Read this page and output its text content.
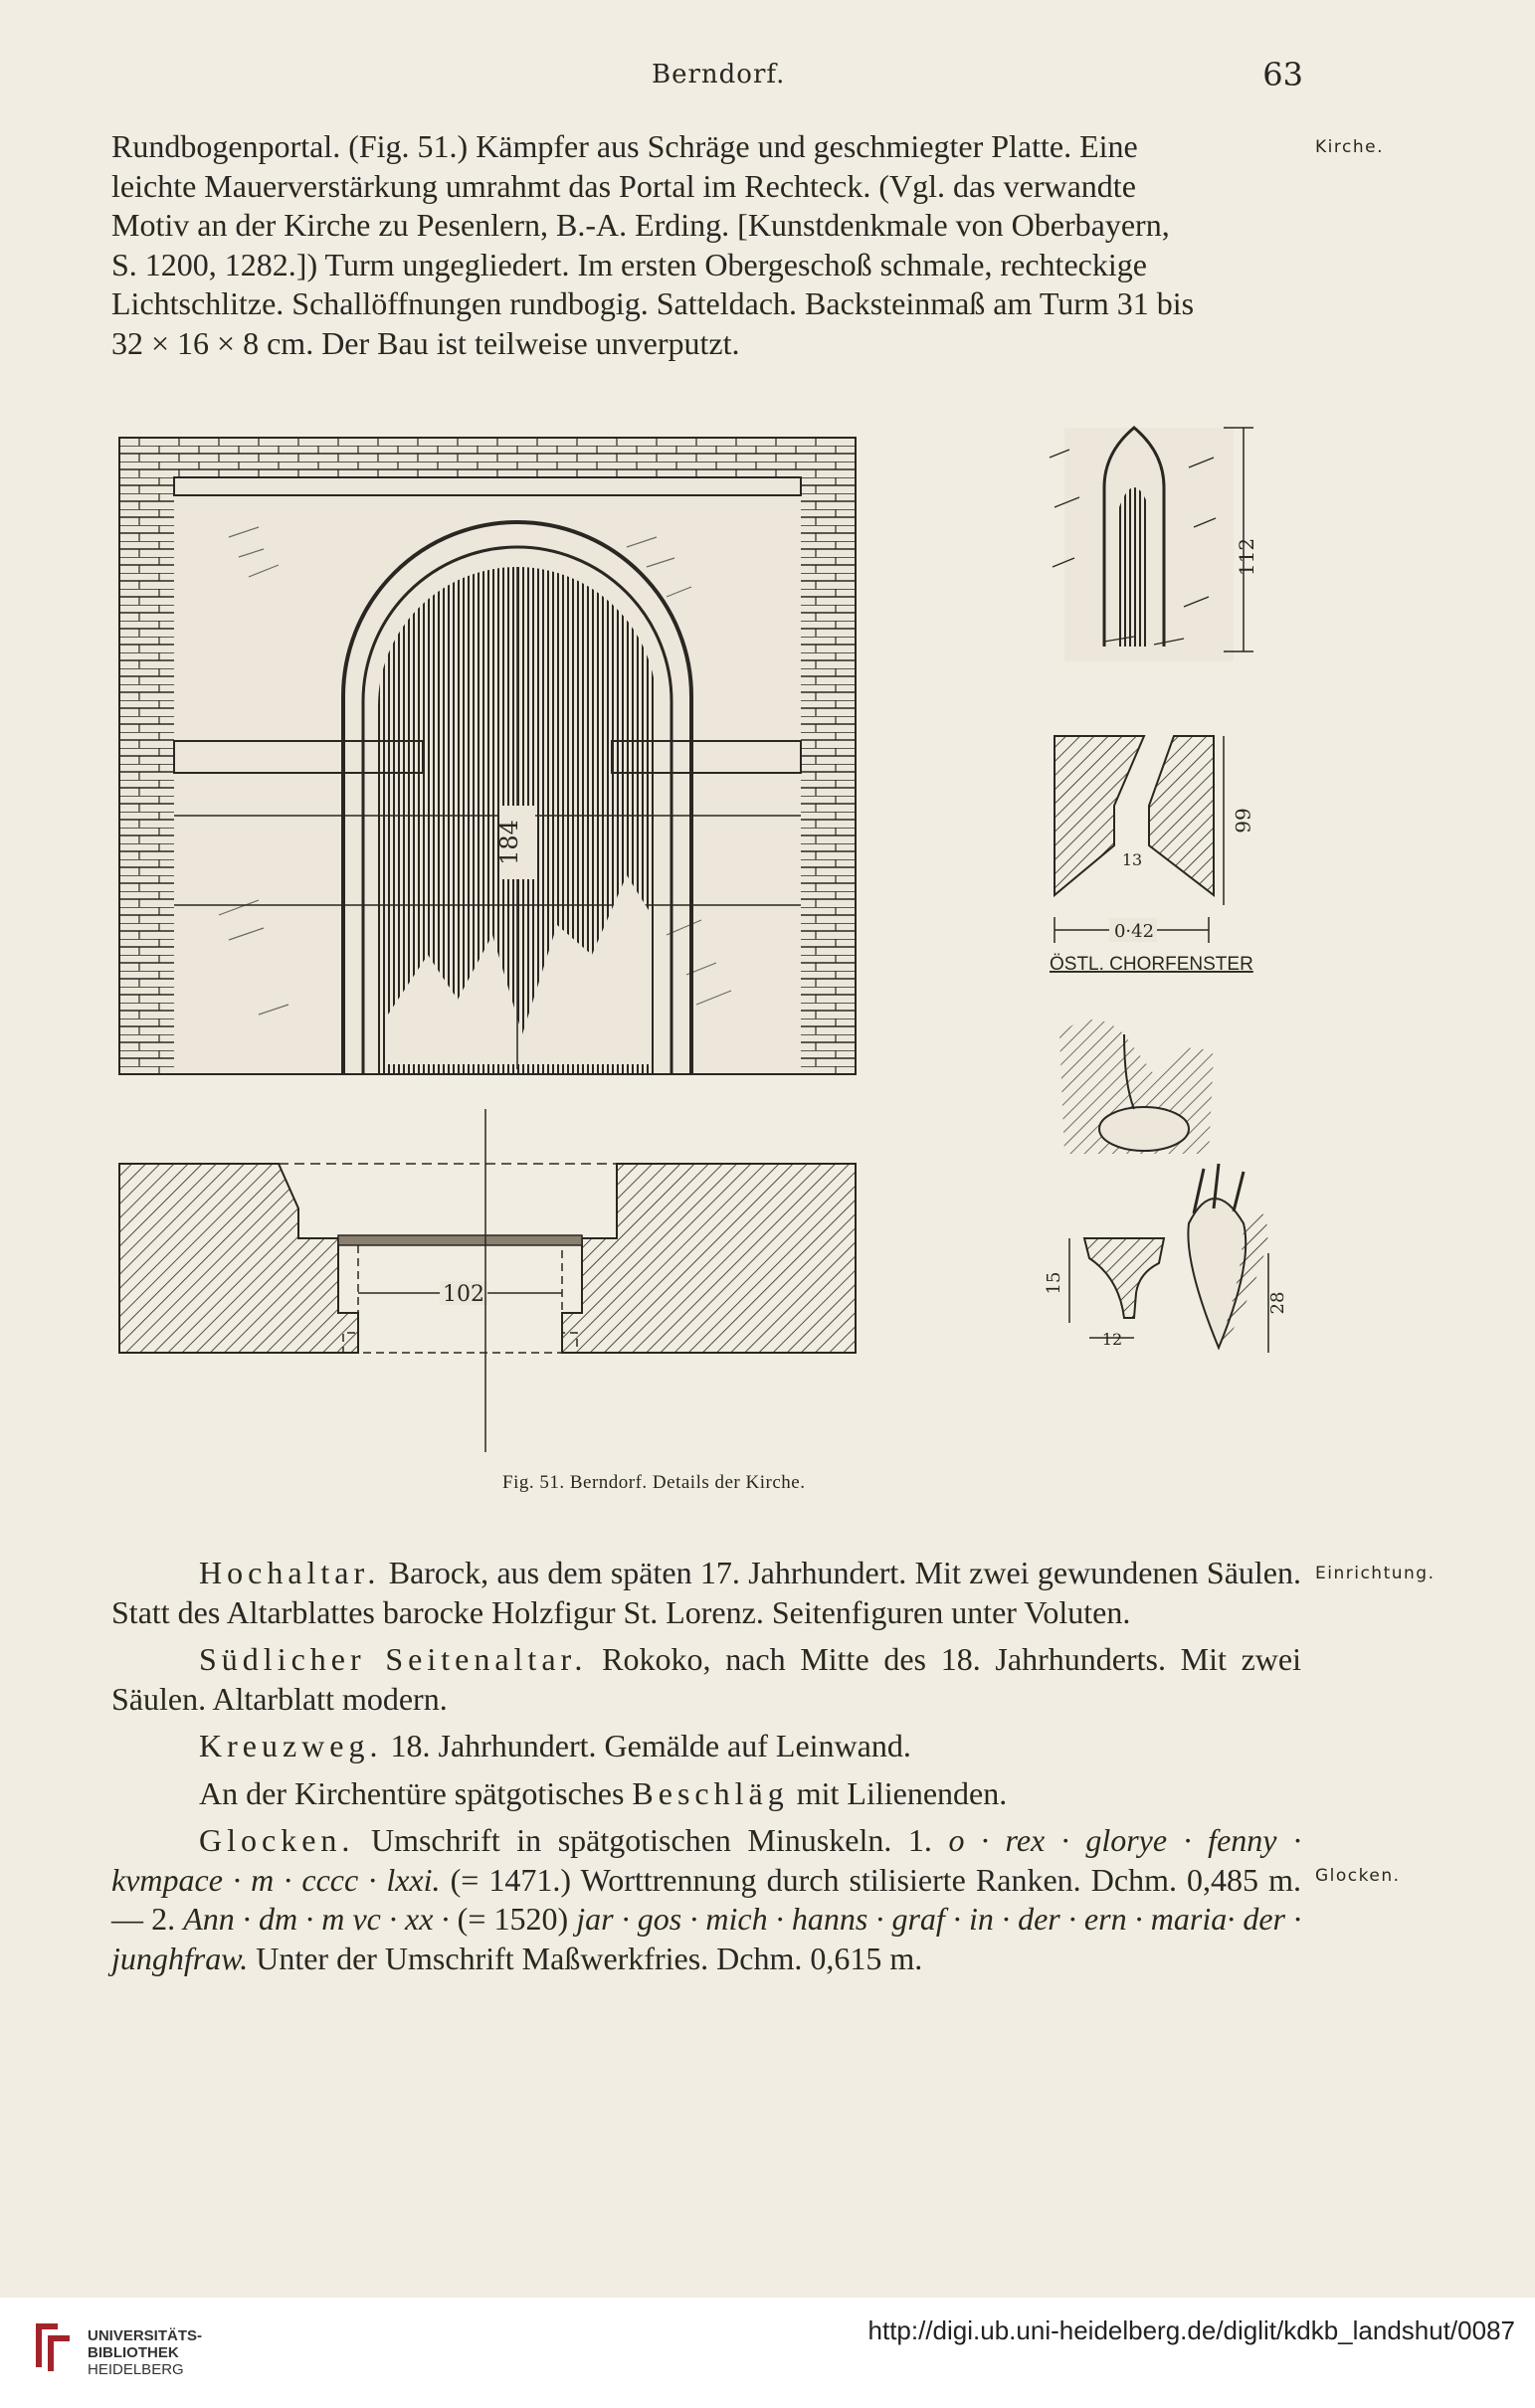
Berndorf.	63

Rundbogenportal. (Fig. 51.) Kämpfer aus Schräge und geschmiegter Platte. Eine

leichte Mauerverstärkung umrahmt das Portal im Rechteck. (Vgl. das verwandte

Motiv an der Kirche zu Pesenlern, B.-A. Erding. [Kunstdenkmale von Oberbayern,

S. 1200, 1282.]) Turm ungegliedert. Im ersten Obergeschoß schmale, rechteckige

Lichtschlitze. Schallöffnungen rundbogig. Satteldach. Backsteinmaß am Turm 31 bis

32 × 16 × 8 cm. Der Bau ist teilweise unverputzt.

Kirche.
Einrichtung.
Glocken.
184
102
112
66
13
0·42
ÖSTL. CHORFENSTER
15
12
28
Fig. 51. Berndorf. Details der Kirche.

Hochaltar. Barock, aus dem späten 17. Jahrhundert. Mit zwei gewundenen Säulen. Statt des Altarblattes barocke Holzfigur St. Lorenz. Seitenfiguren unter Voluten.

Südlicher Seitenaltar. Rokoko, nach Mitte des 18. Jahrhunderts. Mit zwei Säulen. Altarblatt modern.

Kreuzweg. 18. Jahrhundert. Gemälde auf Leinwand.

An der Kirchentüre spätgotisches Beschläg mit Lilienenden.

Glocken. Umschrift in spätgotischen Minuskeln. 1. o · rex · glorye · fenny · kvmpace · m · cccc · lxxi. (= 1471.) Worttrennung durch stilisierte Ranken. Dchm. 0,485 m. — 2. Ann · dm · m vc · xx · (= 1520) jar · gos · mich · hanns · graf · in · der · ern · maria· der · junghfraw. Unter der Umschrift Maßwerkfries. Dchm. 0,615 m.

UNIVERSITÄTS-
BIBLIOTHEK
HEIDELBERG
http://digi.ub.uni-heidelberg.de/diglit/kdkb_landshut/0087
